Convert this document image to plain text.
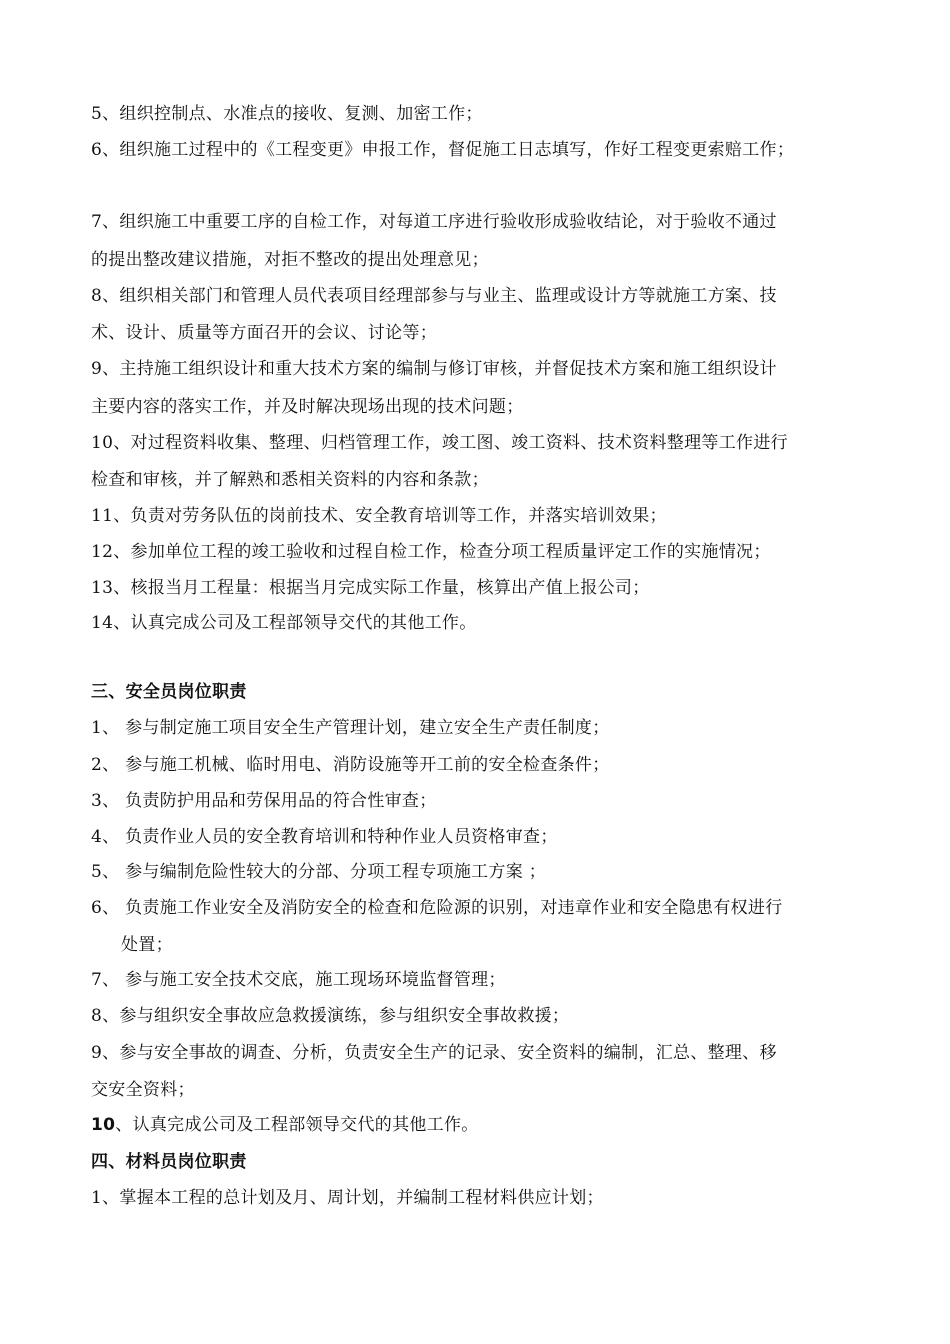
5、组织控制点、水准点的接收、复测、加密工作；
6、组织施工过程中的《工程变更》申报工作，督促施工日志填写，作好工程变更索赔工作；
7、组织施工中重要工序的自检工作，对每道工序进行验收形成验收结论，对于验收不通过
的提出整改建议措施，对拒不整改的提出处理意见；
8、组织相关部门和管理人员代表项目经理部参与与业主、监理或设计方等就施工方案、技
术、设计、质量等方面召开的会议、讨论等；
9、主持施工组织设计和重大技术方案的编制与修订审核，并督促技术方案和施工组织设计
主要内容的落实工作，并及时解决现场出现的技术问题；
10、对过程资料收集、整理、归档管理工作，竣工图、竣工资料、技术资料整理等工作进行
检查和审核，并了解熟和悉相关资料的内容和条款；
11、负责对劳务队伍的岗前技术、安全教育培训等工作，并落实培训效果；
12、参加单位工程的竣工验收和过程自检工作，检查分项工程质量评定工作的实施情况；
13、核报当月工程量：根据当月完成实际工作量，核算出产值上报公司；
14、认真完成公司及工程部领导交代的其他工作。
三、安全员岗位职责
1、 参与制定施工项目安全生产管理计划，建立安全生产责任制度；
2、 参与施工机械、临时用电、消防设施等开工前的安全检查条件；
3、 负责防护用品和劳保用品的符合性审查；
4、 负责作业人员的安全教育培训和特种作业人员资格审查；
5、 参与编制危险性较大的分部、分项工程专项施工方案 ；
6、 负责施工作业安全及消防安全的检查和危险源的识别，对违章作业和安全隐患有权进行
处置；
7、 参与施工安全技术交底，施工现场环境监督管理；
8、参与组织安全事故应急救援演练，参与组织安全事故救援；
9、参与安全事故的调查、分析，负责安全生产的记录、安全资料的编制，汇总、整理、移
交安全资料；
10、认真完成公司及工程部领导交代的其他工作。
四、材料员岗位职责
1、掌握本工程的总计划及月、周计划，并编制工程材料供应计划；
